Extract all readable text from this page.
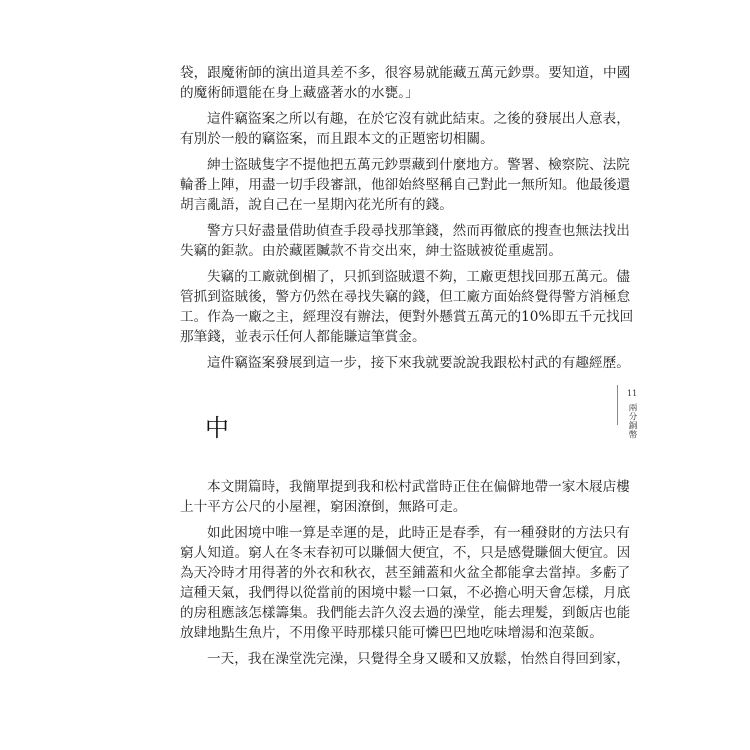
袋，跟魔術師的演出道具差不多，很容易就能藏五萬元鈔票。要知道，中國
的魔術師還能在身上藏盛著水的水甕。」
這件竊盜案之所以有趣，在於它沒有就此結束。之後的發展出人意表，
有別於一般的竊盜案，而且跟本文的正題密切相關。
紳士盜賊隻字不提他把五萬元鈔票藏到什麼地方。警署、檢察院、法院
輪番上陣，用盡一切手段審訊，他卻始終堅稱自己對此一無所知。他最後還
胡言亂語，說自己在一星期內花光所有的錢。
警方只好盡量借助偵查手段尋找那筆錢，然而再徹底的搜查也無法找出
失竊的鉅款。由於藏匿贓款不肯交出來，紳士盜賊被從重處罰。
失竊的工廠就倒楣了，只抓到盜賊還不夠，工廠更想找回那五萬元。儘
管抓到盜賊後，警方仍然在尋找失竊的錢，但工廠方面始終覺得警方消極怠
工。作為一廠之主，經理沒有辦法，便對外懸賞五萬元的10%即五千元找回
那筆錢，並表示任何人都能賺這筆賞金。
這件竊盜案發展到這一步，接下來我就要說說我跟松村武的有趣經歷。
中
本文開篇時，我簡單提到我和松村武當時正住在偏僻地帶一家木屐店樓
上十平方公尺的小屋裡，窮困潦倒，無路可走。
如此困境中唯一算是幸運的是，此時正是春季，有一種發財的方法只有
窮人知道。窮人在冬末春初可以賺個大便宜，不，只是感覺賺個大便宜。因
為天冷時才用得著的外衣和秋衣，甚至鋪蓋和火盆全都能拿去當掉。多虧了
這種天氣，我們得以從當前的困境中鬆一口氣，不必擔心明天會怎樣，月底
的房租應該怎樣籌集。我們能去許久沒去過的澡堂，能去理髮，到飯店也能
放肆地點生魚片，不用像平時那樣只能可憐巴巴地吃味增湯和泡菜飯。
一天，我在澡堂洗完澡，只覺得全身又暖和又放鬆，怡然自得回到家，
11
兩分銅幣
